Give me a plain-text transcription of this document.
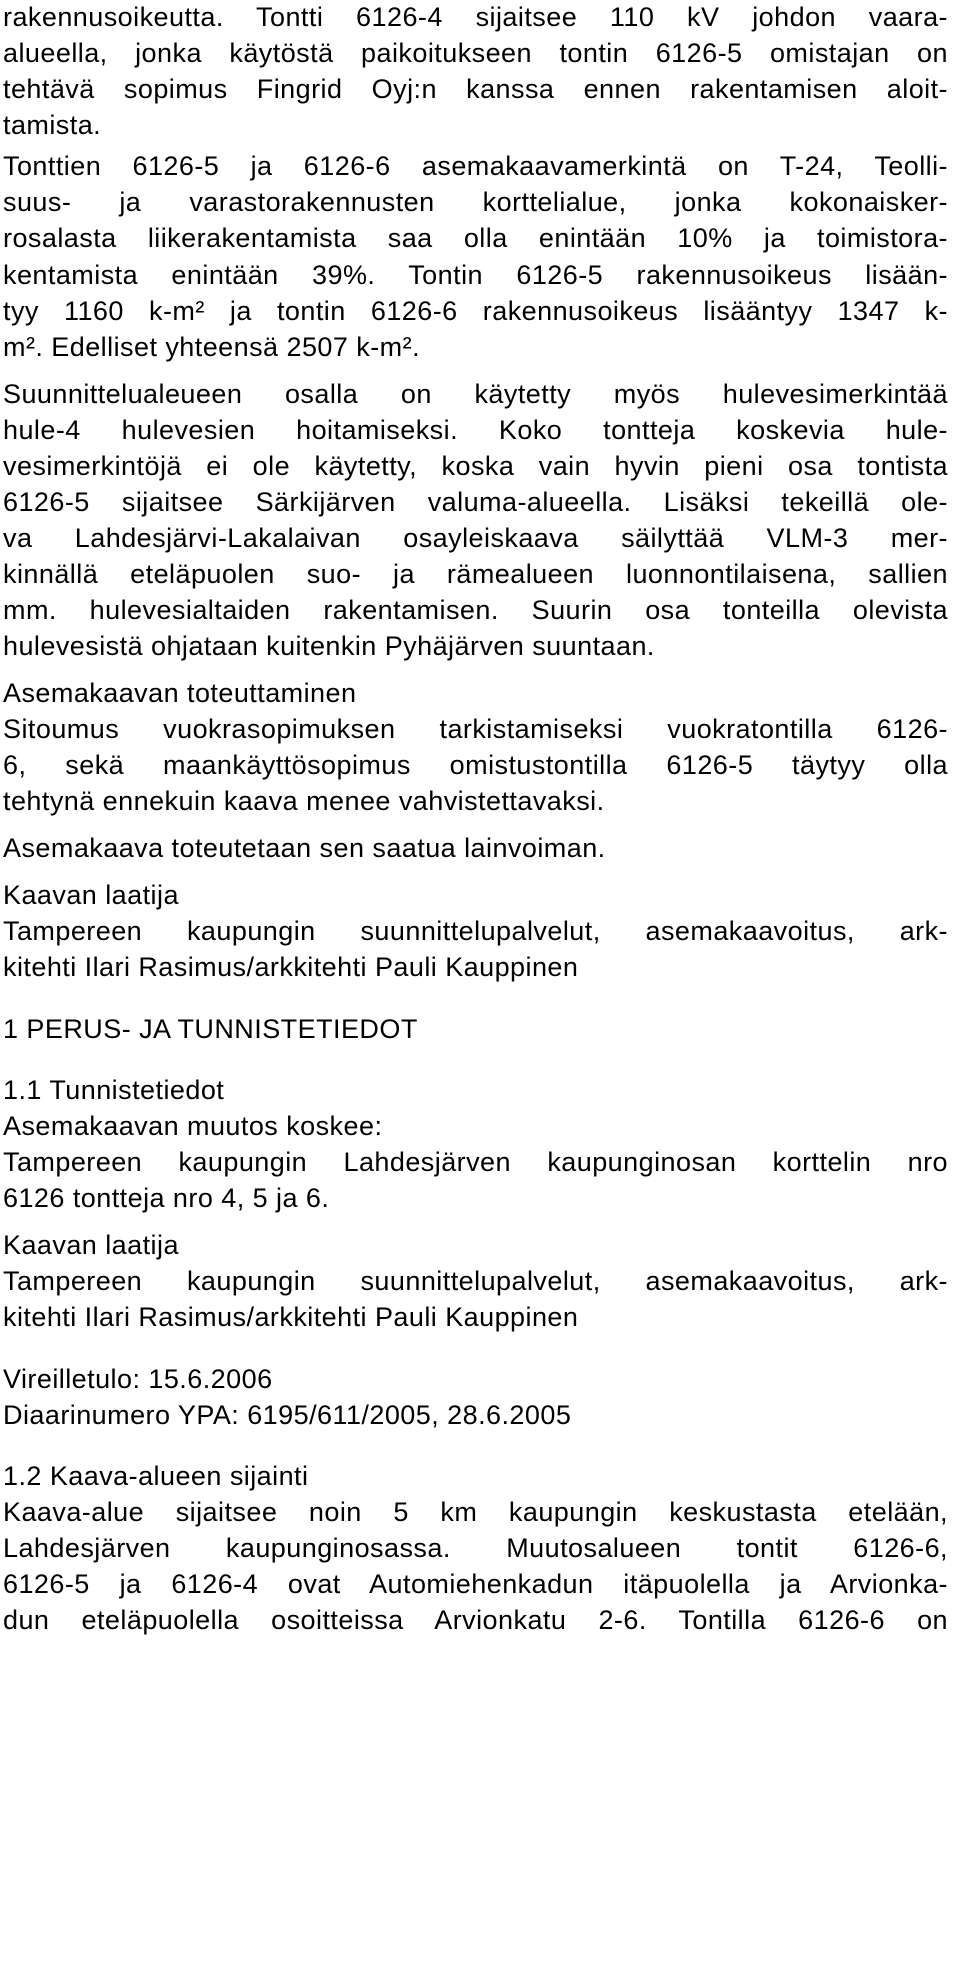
rakennusoikeutta. Tontti 6126-4 sijaitsee 110 kV johdon vaara-
alueella, jonka käytöstä paikoitukseen tontin 6126-5 omistajan on
tehtävä sopimus Fingrid Oyj:n kanssa ennen rakentamisen aloit-
tamista.
Tonttien 6126-5 ja 6126-6 asemakaavamerkintä on T-24, Teolli-
suus- ja varastorakennusten korttelialue, jonka kokonaisker-
rosalasta liikerakentamista saa olla enintään 10% ja toimistora-
kentamista enintään 39%. Tontin 6126-5 rakennusoikeus lisään-
tyy 1160 k-m² ja tontin 6126-6 rakennusoikeus lisääntyy 1347 k-
m². Edelliset yhteensä 2507 k-m².
Suunnittelualeueen osalla on käytetty myös hulevesimerkintää
hule-4 hulevesien hoitamiseksi. Koko tontteja koskevia hule-
vesimerkintöjä ei ole käytetty, koska vain hyvin pieni osa tontista
6126-5 sijaitsee Särkijärven valuma-alueella. Lisäksi tekeillä ole-
va Lahdesjärvi-Lakalaivan osayleiskaava säilyttää VLM-3 mer-
kinnällä eteläpuolen suo- ja rämealueen luonnontilaisena, sallien
mm. hulevesialtaiden rakentamisen. Suurin osa tonteilla olevista
hulevesistä ohjataan kuitenkin Pyhäjärven suuntaan.
Asemakaavan toteuttaminen
Sitoumus vuokrasopimuksen tarkistamiseksi vuokratontilla 6126-
6, sekä maankäyttösopimus omistustontilla 6126-5 täytyy olla
tehtynä ennekuin kaava menee vahvistettavaksi.
Asemakaava toteutetaan sen saatua lainvoiman.
Kaavan laatija
Tampereen kaupungin suunnittelupalvelut, asemakaavoitus, ark-
kitehti Ilari Rasimus/arkkitehti Pauli Kauppinen
1 PERUS- JA TUNNISTETIEDOT
1.1 Tunnistetiedot
Asemakaavan muutos koskee:
Tampereen kaupungin Lahdesjärven kaupunginosan korttelin nro
6126 tontteja nro 4, 5 ja 6.
Kaavan laatija
Tampereen kaupungin suunnittelupalvelut, asemakaavoitus, ark-
kitehti Ilari Rasimus/arkkitehti Pauli Kauppinen
Vireilletulo: 15.6.2006
Diaarinumero YPA: 6195/611/2005, 28.6.2005
1.2 Kaava-alueen sijainti
Kaava-alue sijaitsee noin 5 km kaupungin keskustasta etelään,
Lahdesjärven kaupunginosassa. Muutosalueen tontit 6126-6,
6126-5 ja 6126-4 ovat Automiehenkadun itäpuolella ja Arvionka-
dun eteläpuolella osoitteissa Arvionkatu 2-6. Tontilla 6126-6 on
